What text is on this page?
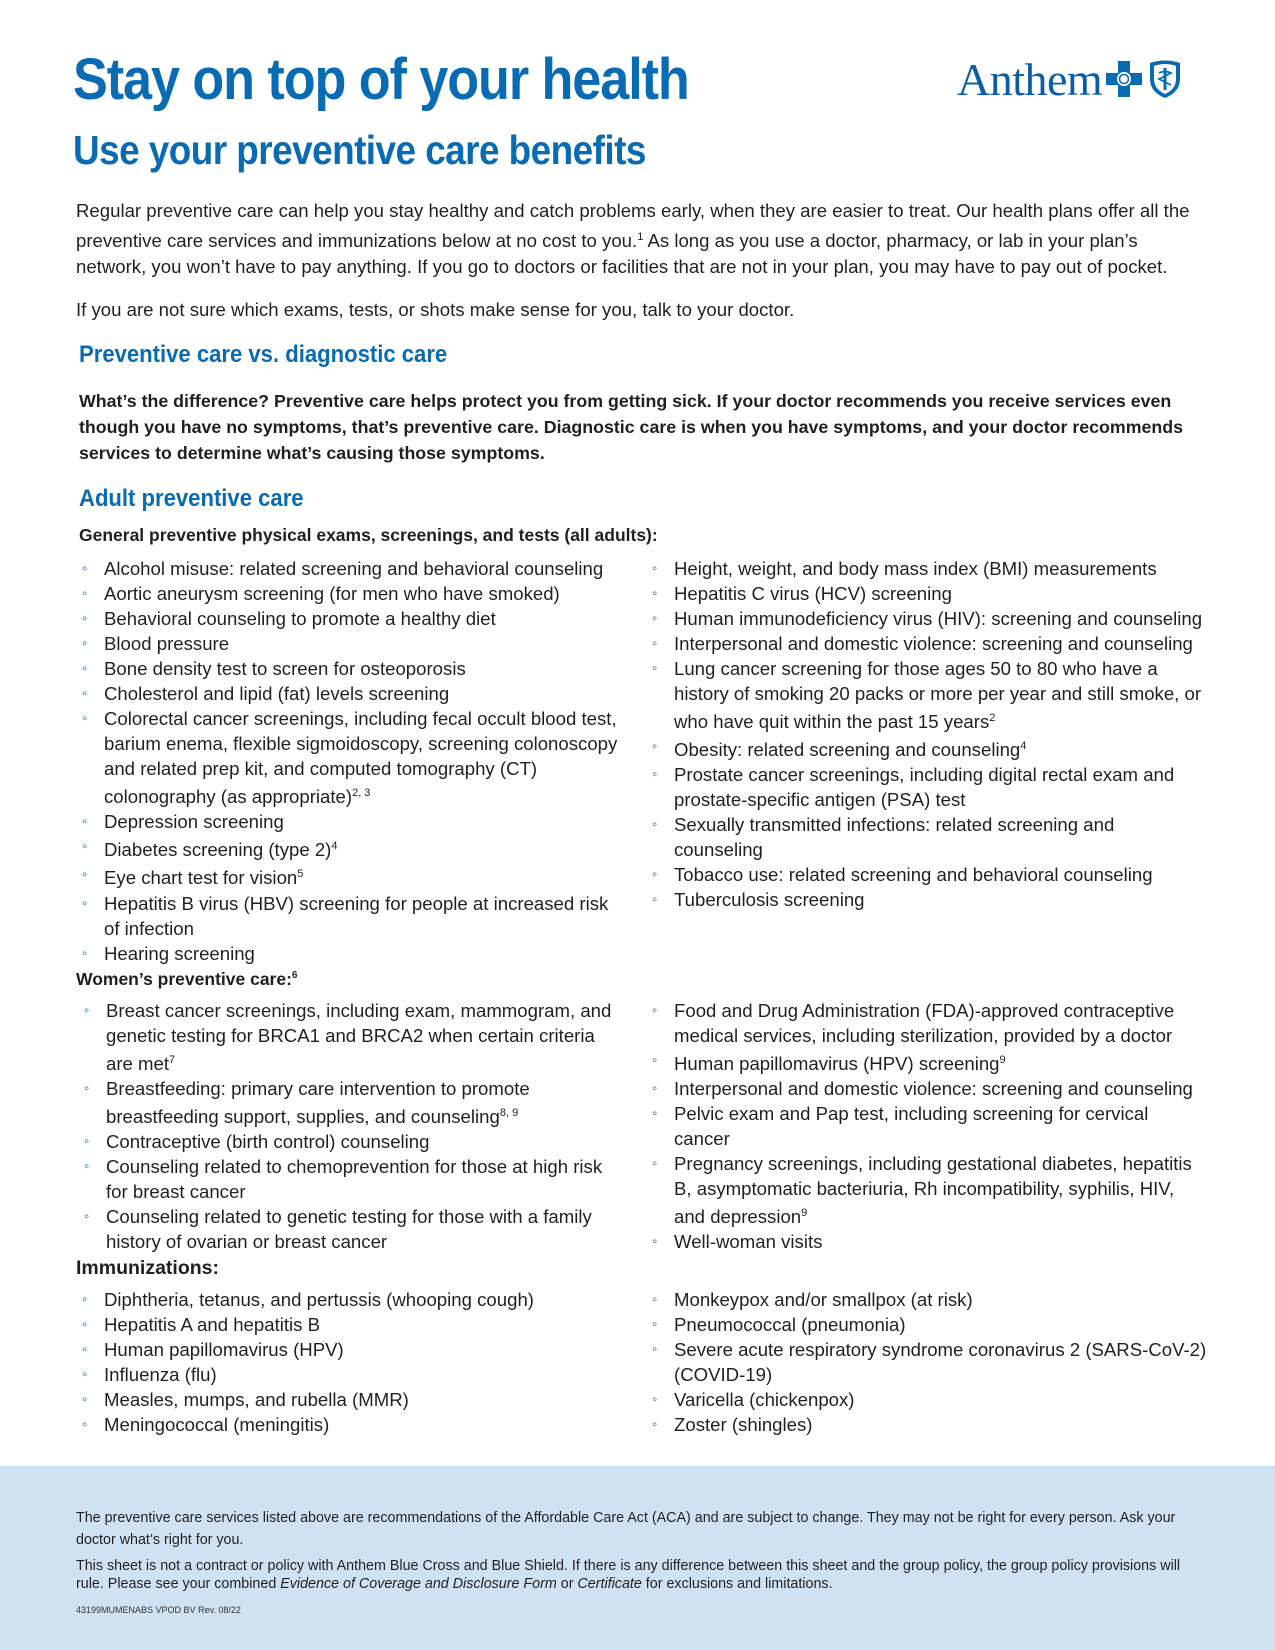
Stay on top of your health
Use your preventive care benefits
Anthem

Regular preventive care can help you stay healthy and catch problems early, when they are easier to treat. Our health plans offer all the preventive care services and immunizations below at no cost to you.$^1$ As long as you use a doctor, pharmacy, or lab in your plan’s network, you won’t have to pay anything. If you go to doctors or facilities that are not in your plan, you may have to pay out of pocket.

If you are not sure which exams, tests, or shots make sense for you, talk to your doctor.

Preventive care vs. diagnostic care

What’s the difference? Preventive care helps protect you from getting sick. If your doctor recommends you receive services even though you have no symptoms, that’s preventive care. Diagnostic care is when you have symptoms, and your doctor recommends services to determine what’s causing those symptoms.

Adult preventive care
General preventive physical exams, screenings, and tests (all adults):
◦ Alcohol misuse: related screening and behavioral counseling
◦ Aortic aneurysm screening (for men who have smoked)
◦ Behavioral counseling to promote a healthy diet
◦ Blood pressure
◦ Bone density test to screen for osteoporosis
◦ Cholesterol and lipid (fat) levels screening
◦ Colorectal cancer screenings, including fecal occult blood test, barium enema, flexible sigmoidoscopy, screening colonoscopy and related prep kit, and computed tomography (CT) colonography (as appropriate)$^{2, 3}$
◦ Depression screening
◦ Diabetes screening (type 2)$^4$
◦ Eye chart test for vision$^5$
◦ Hepatitis B virus (HBV) screening for people at increased risk of infection
◦ Hearing screening
◦ Height, weight, and body mass index (BMI) measurements
◦ Hepatitis C virus (HCV) screening
◦ Human immunodeficiency virus (HIV): screening and counseling
◦ Interpersonal and domestic violence: screening and counseling
◦ Lung cancer screening for those ages 50 to 80 who have a history of smoking 20 packs or more per year and still smoke, or who have quit within the past 15 years$^2$
◦ Obesity: related screening and counseling$^4$
◦ Prostate cancer screenings, including digital rectal exam and prostate-specific antigen (PSA) test
◦ Sexually transmitted infections: related screening and counseling
◦ Tobacco use: related screening and behavioral counseling
◦ Tuberculosis screening
Women’s preventive care:$^6$
◦ Breast cancer screenings, including exam, mammogram, and genetic testing for BRCA1 and BRCA2 when certain criteria are met$^7$
◦ Breastfeeding: primary care intervention to promote breastfeeding support, supplies, and counseling$^{8, 9}$
◦ Contraceptive (birth control) counseling
◦ Counseling related to chemoprevention for those at high risk for breast cancer
◦ Counseling related to genetic testing for those with a family history of ovarian or breast cancer
◦ Food and Drug Administration (FDA)-approved contraceptive medical services, including sterilization, provided by a doctor
◦ Human papillomavirus (HPV) screening$^9$
◦ Interpersonal and domestic violence: screening and counseling
◦ Pelvic exam and Pap test, including screening for cervical cancer
◦ Pregnancy screenings, including gestational diabetes, hepatitis B, asymptomatic bacteriuria, Rh incompatibility, syphilis, HIV, and depression$^9$
◦ Well-woman visits
Immunizations:
◦ Diphtheria, tetanus, and pertussis (whooping cough)
◦ Hepatitis A and hepatitis B
◦ Human papillomavirus (HPV)
◦ Influenza (flu)
◦ Measles, mumps, and rubella (MMR)
◦ Meningococcal (meningitis)
◦ Monkeypox and/or smallpox (at risk)
◦ Pneumococcal (pneumonia)
◦ Severe acute respiratory syndrome coronavirus 2 (SARS-CoV-2) (COVID-19)
◦ Varicella (chickenpox)
◦ Zoster (shingles)

The preventive care services listed above are recommendations of the Affordable Care Act (ACA) and are subject to change. They may not be right for every person. Ask your doctor what’s right for you.

This sheet is not a contract or policy with Anthem Blue Cross and Blue Shield. If there is any difference between this sheet and the group policy, the group policy provisions will rule. Please see your combined Evidence of Coverage and Disclosure Form or Certificate for exclusions and limitations.

43199MUMENABS VPOD BV Rev. 08/22
